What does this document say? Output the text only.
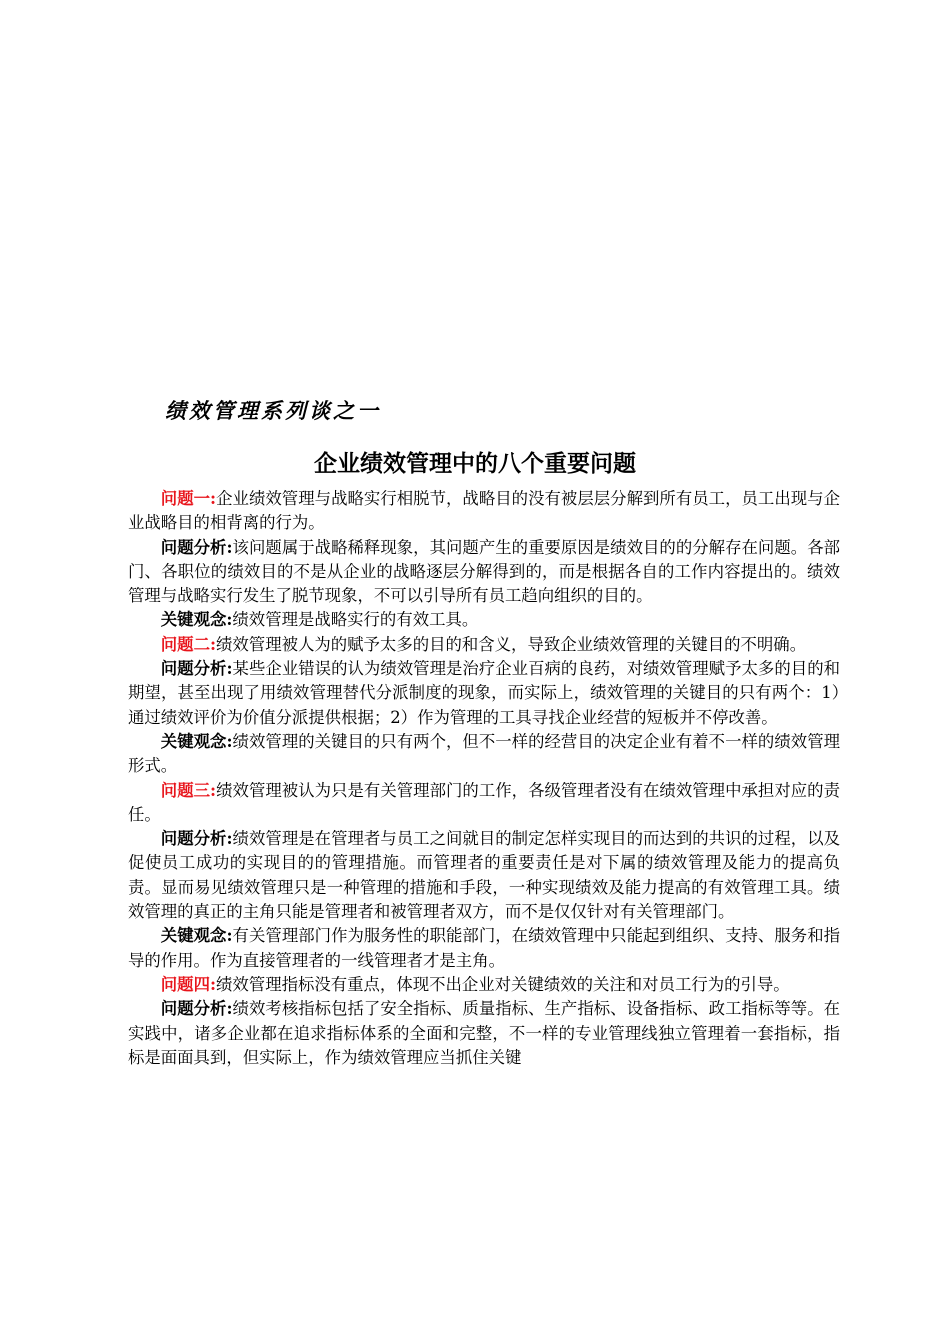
绩效管理系列谈之一
企业绩效管理中的八个重要问题

问题一:企业绩效管理与战略实行相脱节，战略目的没有被层层分解到所有员工，员工出现与企业战略目的相背离的行为。

问题分析:该问题属于战略稀释现象，其问题产生的重要原因是绩效目的的分解存在问题。各部门、各职位的绩效目的不是从企业的战略逐层分解得到的，而是根据各自的工作内容提出的。绩效管理与战略实行发生了脱节现象，不可以引导所有员工趋向组织的目的。

关键观念:绩效管理是战略实行的有效工具。

问题二:绩效管理被人为的赋予太多的目的和含义，导致企业绩效管理的关键目的不明确。

问题分析:某些企业错误的认为绩效管理是治疗企业百病的良药，对绩效管理赋予太多的目的和期望，甚至出现了用绩效管理替代分派制度的现象，而实际上，绩效管理的关键目的只有两个：1）通过绩效评价为价值分派提供根据；2）作为管理的工具寻找企业经营的短板并不停改善。

关键观念:绩效管理的关键目的只有两个，但不一样的经营目的决定企业有着不一样的绩效管理形式。

问题三:绩效管理被认为只是有关管理部门的工作，各级管理者没有在绩效管理中承担对应的责任。

问题分析:绩效管理是在管理者与员工之间就目的制定怎样实现目的而达到的共识的过程，以及促使员工成功的实现目的的管理措施。而管理者的重要责任是对下属的绩效管理及能力的提高负责。显而易见绩效管理只是一种管理的措施和手段，一种实现绩效及能力提高的有效管理工具。绩效管理的真正的主角只能是管理者和被管理者双方，而不是仅仅针对有关管理部门。

关键观念:有关管理部门作为服务性的职能部门，在绩效管理中只能起到组织、支持、服务和指导的作用。作为直接管理者的一线管理者才是主角。

问题四:绩效管理指标没有重点，体现不出企业对关键绩效的关注和对员工行为的引导。

问题分析:绩效考核指标包括了安全指标、质量指标、生产指标、设备指标、政工指标等等。在实践中，诸多企业都在追求指标体系的全面和完整，不一样的专业管理线独立管理着一套指标，指标是面面具到，但实际上，作为绩效管理应当抓住关键
